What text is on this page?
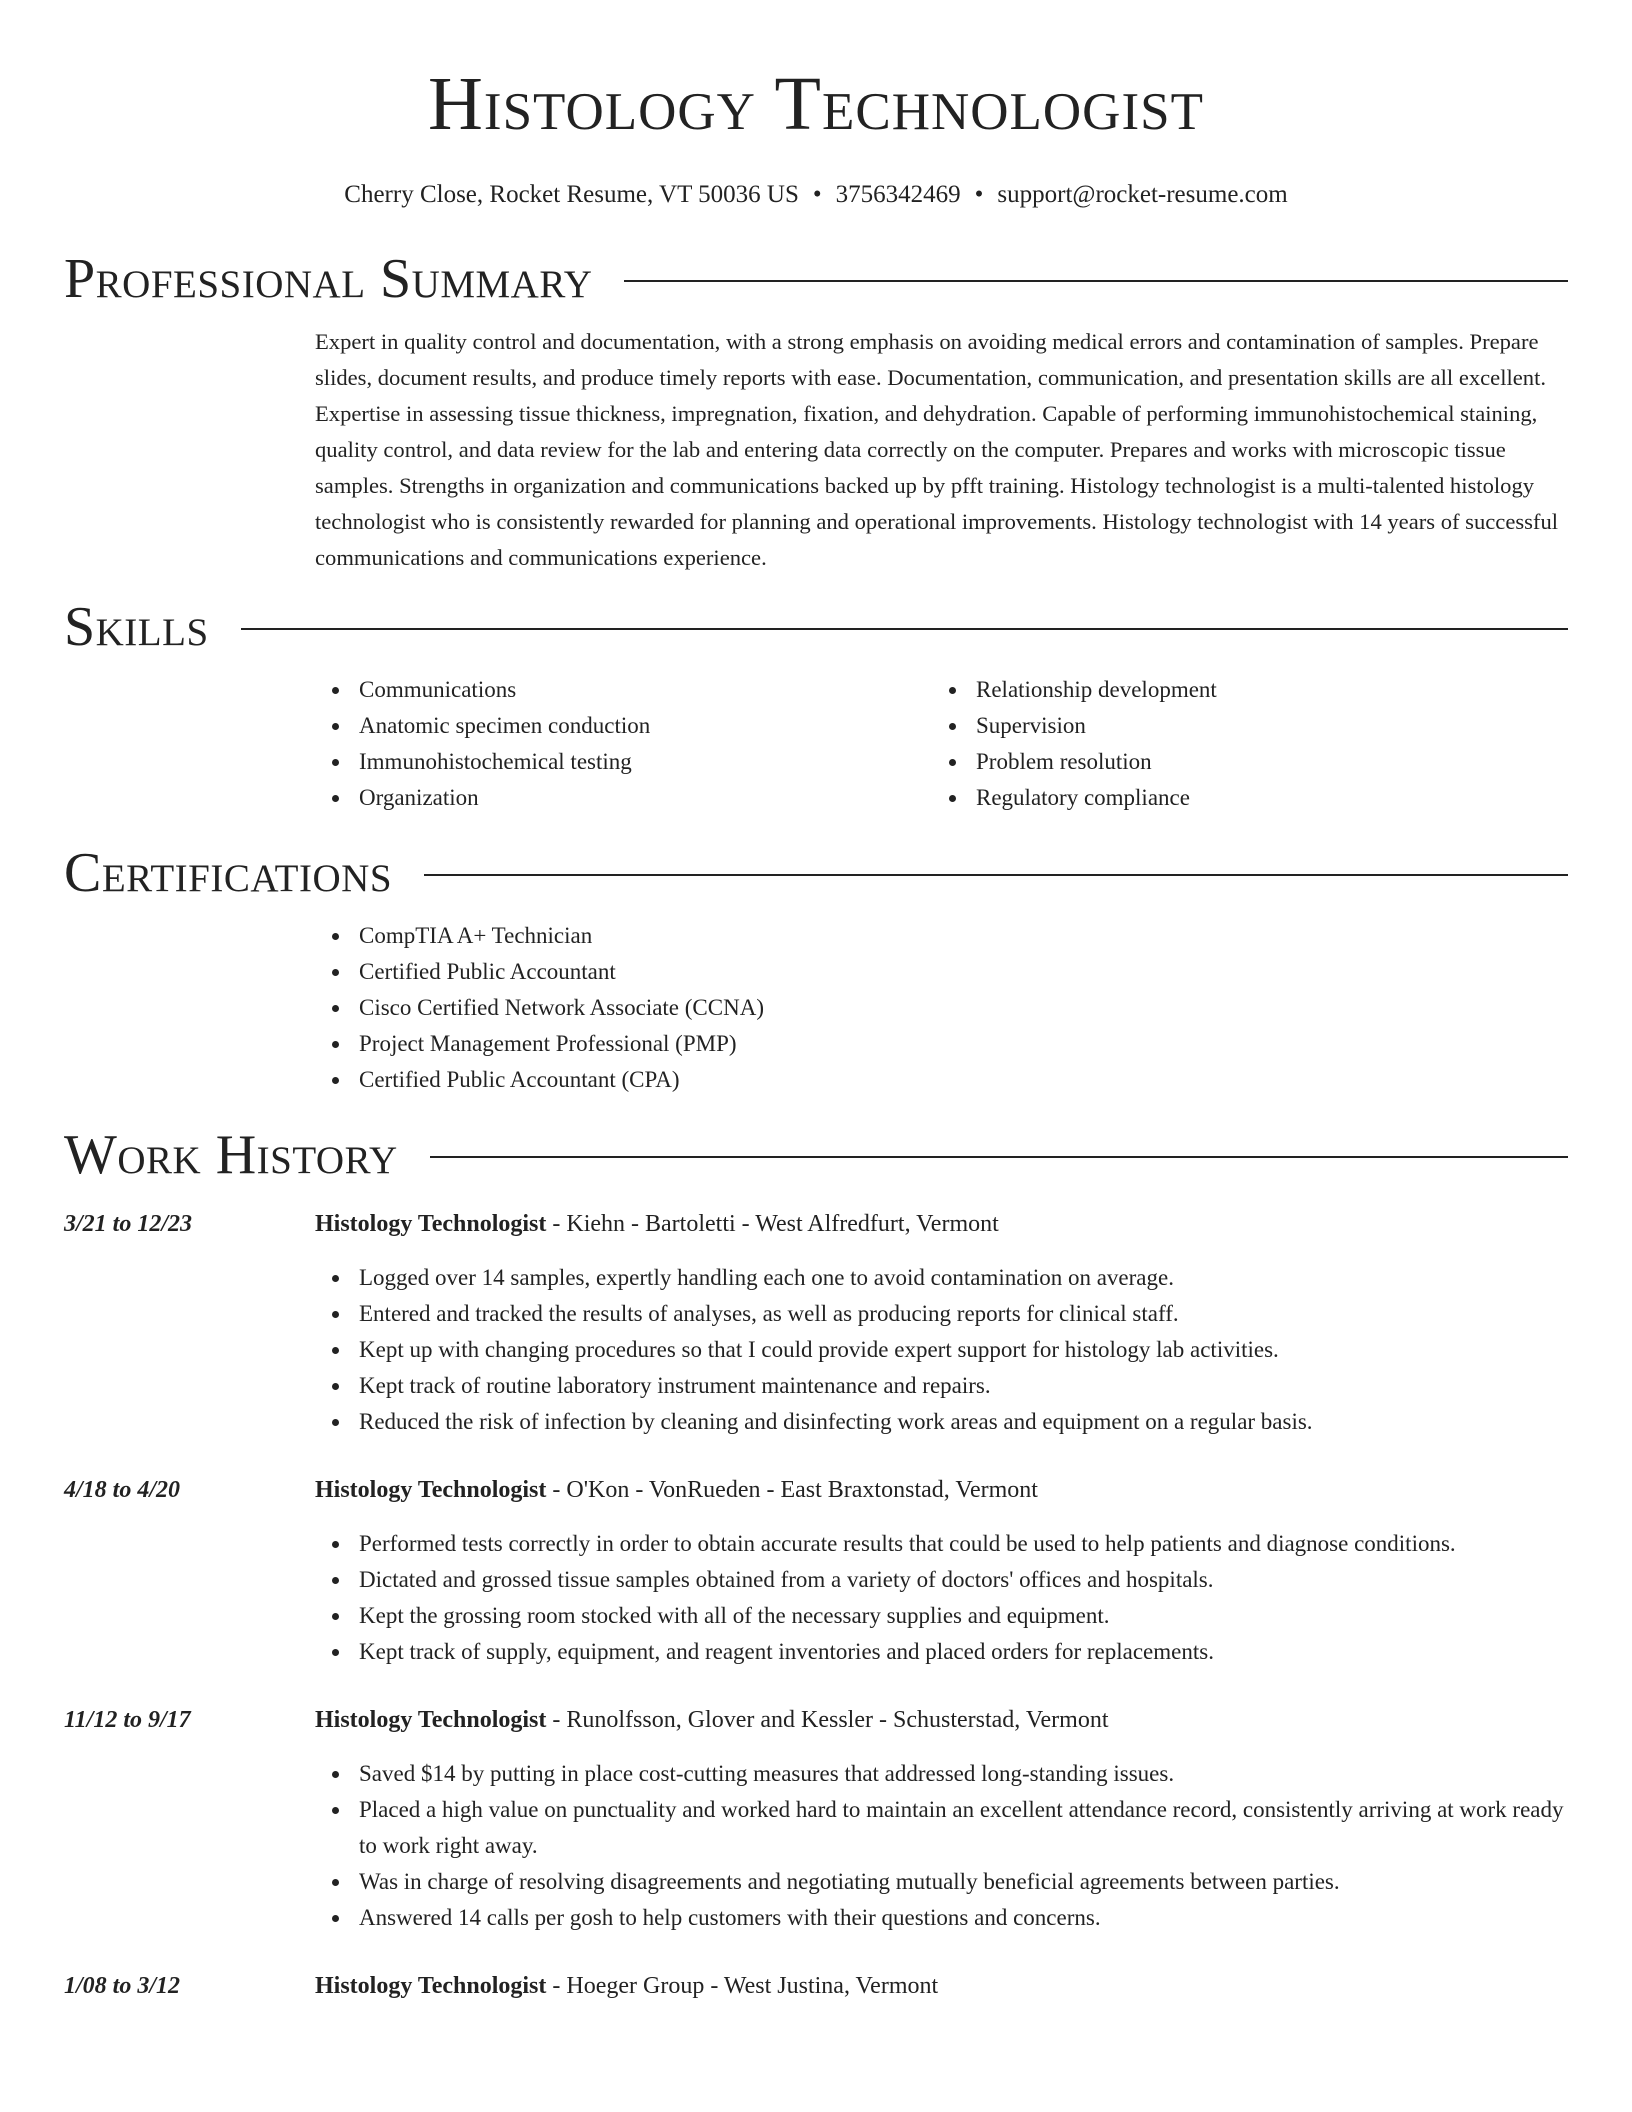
Histology Technologist
Cherry Close, Rocket Resume, VT 50036 US • 3756342469 • support@rocket-resume.com
Professional Summary

Expert in quality control and documentation, with a strong emphasis on avoiding medical errors and contamination of samples. Prepare slides, document results, and produce timely reports with ease. Documentation, communication, and presentation skills are all excellent. Expertise in assessing tissue thickness, impregnation, fixation, and dehydration. Capable of performing immunohistochemical staining, quality control, and data review for the lab and entering data correctly on the computer. Prepares and works with microscopic tissue samples. Strengths in organization and communications backed up by pfft training. Histology technologist is a multi-talented histology technologist who is consistently rewarded for planning and operational improvements. Histology technologist with 14 years of successful communications and communications experience.

Skills
Communications
Anatomic specimen conduction
Immunohistochemical testing
Organization
Relationship development
Supervision
Problem resolution
Regulatory compliance
Certifications
CompTIA A+ Technician
Certified Public Accountant
Cisco Certified Network Associate (CCNA)
Project Management Professional (PMP)
Certified Public Accountant (CPA)
Work History
3/21 to 12/23	Histology Technologist - Kiehn - Bartoletti - West Alfredfurt, Vermont
Logged over 14 samples, expertly handling each one to avoid contamination on average.
Entered and tracked the results of analyses, as well as producing reports for clinical staff.
Kept up with changing procedures so that I could provide expert support for histology lab activities.
Kept track of routine laboratory instrument maintenance and repairs.
Reduced the risk of infection by cleaning and disinfecting work areas and equipment on a regular basis.
4/18 to 4/20	Histology Technologist - O'Kon - VonRueden - East Braxtonstad, Vermont
Performed tests correctly in order to obtain accurate results that could be used to help patients and diagnose conditions.
Dictated and grossed tissue samples obtained from a variety of doctors' offices and hospitals.
Kept the grossing room stocked with all of the necessary supplies and equipment.
Kept track of supply, equipment, and reagent inventories and placed orders for replacements.
11/12 to 9/17	Histology Technologist - Runolfsson, Glover and Kessler - Schusterstad, Vermont
Saved $14 by putting in place cost-cutting measures that addressed long-standing issues.
Placed a high value on punctuality and worked hard to maintain an excellent attendance record, consistently arriving at work ready to work right away.
Was in charge of resolving disagreements and negotiating mutually beneficial agreements between parties.
Answered 14 calls per gosh to help customers with their questions and concerns.
1/08 to 3/12	Histology Technologist - Hoeger Group - West Justina, Vermont
